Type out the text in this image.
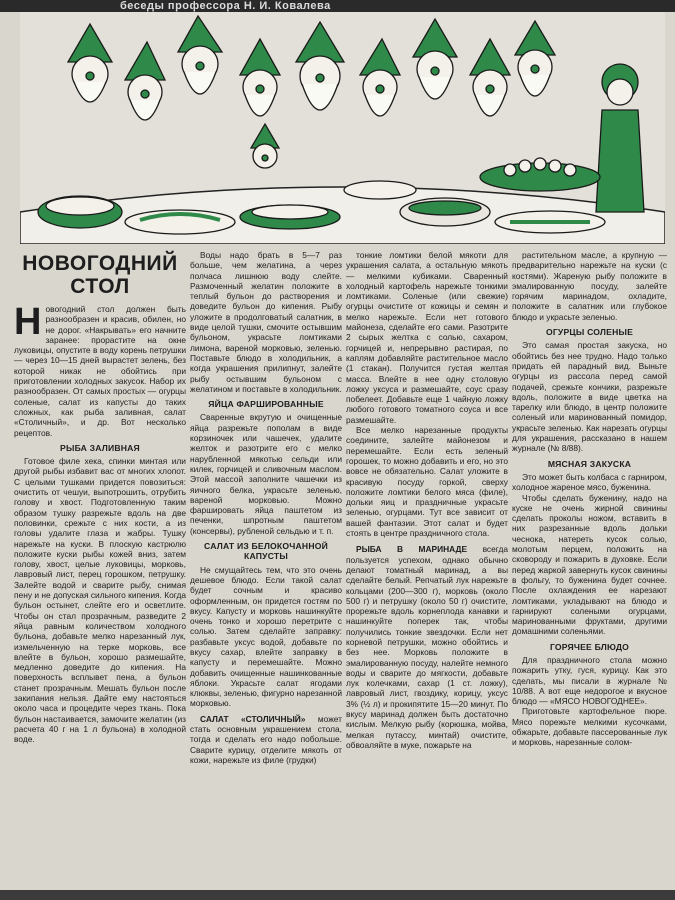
беседы профессора Н. И. Ковалева
НОВОГОДНИЙ СТОЛ

Новогодний стол должен быть разнообразен и красив, обилен, но не дорог. «Накрывать» его начните заранее: прорастите на окне луковицы, опустите в воду корень петрушки — через 10—15 дней вырастет зелень, без которой никак не обойтись при приготовлении холодных закусок. Набор их разнообразен. От самых простых — огурцы соленые, салат из капусты до таких сложных, как рыба заливная, салат «Столичный», и др. Вот несколько рецептов.

РЫБА ЗАЛИВНАЯ

Готовое филе хека, спинки минтая или другой рыбы избавит вас от многих хлопот. С целыми тушками придется повозиться: очистить от чешуи, выпотрошить, отрубить голову и хвост. Подготовленную таким образом тушку разрежьте вдоль на две половинки, срежьте с них кости, а из головы удалите глаза и жабры. Тушку нарежьте на куски. В плоскую кастрюлю положите куски рыбы кожей вниз, затем голову, хвост, целые луковицы, морковь, лавровый лист, перец горошком, петрушку. Залейте водой и сварите рыбу, снимая пену и не допуская сильного кипения. Когда бульон остынет, слейте его и осветлите. Чтобы он стал прозрачным, разведите 2 яйца равным количеством холодного бульона, добавьте мелко нарезанный лук, измельченную на терке морковь, все влейте в бульон, хорошо размешайте, медленно доведите до кипения. На поверхность всплывет пена, а бульон станет прозрачным. Мешать бульон после закипания нельзя. Дайте ему настояться около часа и процедите через ткань. Пока бульон настаивается, замочите желатин (из расчета 40 г на 1 л бульона) в холодной воде.

Воды надо брать в 5—7 раз больше, чем желатина, а через полчаса лишнюю воду слейте. Размоченный желатин положите в теплый бульон до растворения и доведите бульон до кипения. Рыбу уложите в продолговатый салатник, в виде целой тушки, смочите остывшим бульоном, украсьте ломтиками лимона, вареной морковью, зеленью. Поставьте блюдо в холодильник, а когда украшения прилипнут, залейте рыбу остывшим бульоном с желатином и поставьте в холодильник.

ЯЙЦА ФАРШИРОВАННЫЕ

Сваренные вкрутую и очищенные яйца разрежьте пополам в виде корзиночек или чашечек, удалите желток и разотрите его с мелко нарубленной мякотью сельди или килек, горчицей и сливочным маслом. Этой массой заполните чашечки из яичного белка, украсьте зеленью, вареной морковью. Можно фаршировать яйца паштетом из печенки, шпротным паштетом (консервы), рубленой сельдью и т. п.

САЛАТ ИЗ БЕЛОКОЧАННОЙ КАПУСТЫ

Не смущайтесь тем, что это очень дешевое блюдо. Если такой салат будет сочным и красиво оформленным, он придется гостям по вкусу. Капусту и морковь нашинкуйте очень тонко и хорошо перетрите с солью. Затем сделайте заправку: разбавьте уксус водой, добавьте по вкусу сахар, влейте заправку в капусту и перемешайте. Можно добавить очищенные нашинкованные яблоки. Украсьте салат ягодами клюквы, зеленью, фигурно нарезанной морковью.

САЛАТ «СТОЛИЧНЫЙ» может стать основным украшением стола, тогда и сделать его надо побольше. Сварите курицу, отделите мякоть от кожи, нарежьте из филе (грудки)

тонкие ломтики белой мякоти для украшения салата, а остальную мякоть — мелкими кубиками. Сваренный холодный картофель нарежьте тонкими ломтиками. Соленые (или свежие) огурцы очистите от кожицы и семян и мелко нарежьте. Если нет готового майонеза, сделайте его сами. Разотрите 2 сырых желтка с солью, сахаром, горчицей и, непрерывно растирая, по каплям добавляйте растительное масло (1 стакан). Получится густая желтая масса. Влейте в нее одну столовую ложку уксуса и размешайте, соус сразу побелеет. Добавьте еще 1 чайную ложку любого готового томатного соуса и все размешайте.

Все мелко нарезанные продукты соедините, залейте майонезом и перемешайте. Если есть зеленый горошек, то можно добавить и его, но это вовсе не обязательно. Салат уложите в красивую посуду горкой, сверху положите ломтики белого мяса (филе), дольки яиц и праздничные украсьте зеленью, огурцами. Тут все зависит от вашей фантазии. Этот салат и будет стоять в центре праздничного стола.

РЫБА В МАРИНАДЕ всегда пользуется успехом, однако обычно делают томатный маринад, а вы сделайте белый. Репчатый лук нарежьте кольцами (200—300 г), морковь (около 500 г) и петрушку (около 50 г) очистите, прорежьте вдоль корнеплода канавки и нашинкуйте поперек так, чтобы получились тонкие звездочки. Если нет корневой петрушки, можно обойтись и без нее. Морковь положите в эмалированную посуду, налейте немного воды и сварите до мягкости, добавьте лук колечками, сахар (1 ст. ложку), лавровый лист, гвоздику, корицу, уксус 3% (½ л) и прокипятите 15—20 минут. По вкусу маринад должен быть достаточно кислым. Мелкую рыбу (корюшка, мойва, мелкая путассу, минтай) очистите, обвоаляйте в муке, пожарьте на

растительном масле, а крупную — предварительно нарежьте на куски (с костями). Жареную рыбу положите в эмалированную посуду, залейте горячим маринадом, охладите, положите в салатник или глубокое блюдо и украсьте зеленью.

ОГУРЦЫ СОЛЕНЫЕ

Это самая простая закуска, но обойтись без нее трудно. Надо только придать ей парадный вид. Выньте огурцы из рассола перед самой подачей, срежьте кончики, разрежьте вдоль, положите в виде цветка на тарелку или блюдо, в центр положите соленый или маринованный помидор, украсьте зеленью. Как нарезать огурцы для украшения, рассказано в нашем журнале (№ 8/88).

МЯСНАЯ ЗАКУСКА

Это может быть колбаса с гарниром, холодное жареное мясо, буженина.

Чтобы сделать буженину, надо на куске не очень жирной свинины сделать проколы ножом, вставить в них разрезанные вдоль дольки чеснока, натереть кусок солью, молотым перцем, положить на сковороду и пожарить в духовке. Если перед жаркой завернуть кусок свинины в фольгу, то буженина будет сочнее. После охлаждения ее нарезают ломтиками, укладывают на блюдо и гарнируют солеными огурцами, маринованными фруктами, другими домашними соленьями.

ГОРЯЧЕЕ БЛЮДО

Для праздничного стола можно пожарить утку, гуся, курицу. Как это сделать, мы писали в журнале № 10/88. А вот еще недорогое и вкусное блюдо — «МЯСО НОВОГОДНЕЕ».

Приготовьте картофельное пюре. Мясо порежьте мелкими кусочками, обжарьте, добавьте пассерованные лук и морковь, нарезанные солом-
